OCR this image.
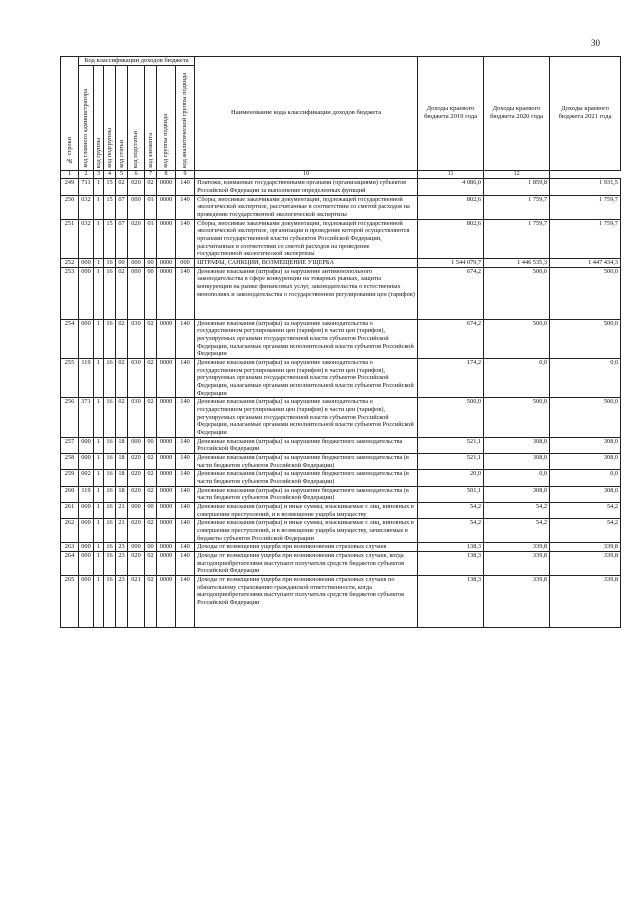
30
№ строки	Код классификации доходов бюджета								Наименование кода классификации доходов бюджета	Доходы краевого бюджета 2019 года	Доходы краевого бюджета 2020 года	Доходы краевого бюджета 2021 года

	код главного администратора	код группы	код подгруппы	код статьи	код подстатьи	код элемента	код группы подвида	код аналитической группы подвида				

1	2	3	4	5	6	7	8	9	10	11	12	
249	711	1	15	02	020	02	0000	140	Платежи, взимаемые государственными органами (организациями) субъектов Российской Федерации за выполнение определенных функций	4 086,0	1 859,8	1 931,5
250	032	1	15	07	000	01	0000	140	Сборы, вносимые заказчиками документации, подлежащей государственной экологической экспертизе, рассчитанные в соответствии со сметой расходов на проведение государственной экологической экспертизы	802,6	1 759,7	1 759,7
251	032	1	15	07	020	01	0000	140	Сборы, вносимые заказчиками документации, подлежащей государственной экологической экспертизе, организация и проведение которой осуществляются органами государственной власти субъектов Российской Федерации, рассчитанные в соответствии со сметой расходов на проведение государственной экологической экспертизы	802,6	1 759,7	1 759,7
252	000	1	16	00	000	00	0000	000	ШТРАФЫ, САНКЦИИ, ВОЗМЕЩЕНИЕ УЩЕРБА	1 544 079,7	1 446 535,3	1 447 434,3
253	000	1	16	02	000	00	0000	140	Денежные взыскания (штрафы) за нарушение антимонопольного законодательства в сфере конкуренции на товарных рынках, защиты конкуренции на рынке финансовых услуг, законодательства о естественных монополиях и законодательства о государственном регулировании цен (тарифов)	674,2	500,0	500,0
254	000	1	16	02	030	02	0000	140	Денежные взыскания (штрафы) за нарушение законодательства о государственном регулировании цен (тарифов) в части цен (тарифов), регулируемых органами государственной власти субъектов Российской Федерации, налагаемые органами исполнительной власти субъектов Российской Федерации	674,2	500,0	500,0
255	119	1	16	02	030	02	0000	140	Денежные взыскания (штрафы) за нарушение законодательства о государственном регулировании цен (тарифов) в части цен (тарифов), регулируемых органами государственной власти субъектов Российской Федерации, налагаемые органами исполнительной власти субъектов Российской Федерации	174,2	0,0	0,0
256	371	1	16	02	030	02	0000	140	Денежные взыскания (штрафы) за нарушение законодательства о государственном регулировании цен (тарифов) в части цен (тарифов), регулируемых органами государственной власти субъектов Российской Федерации, налагаемые органами исполнительной власти субъектов Российской Федерации	500,0	500,0	500,0
257	000	1	16	18	000	00	0000	140	Денежные взыскания (штрафы) за нарушение бюджетного законодательства Российской Федерации	521,1	308,0	308,0
258	000	1	16	18	020	02	0000	140	Денежные взыскания (штрафы) за нарушение бюджетного законодательства (в части бюджетов субъектов Российской Федерации)	521,1	308,0	308,0
259	002	1	16	18	020	02	0000	140	Денежные взыскания (штрафы) за нарушение бюджетного законодательства (в части бюджетов субъектов Российской Федерации)	20,0	0,0	0,0
260	119	1	16	18	020	02	0000	140	Денежные взыскания (штрафы) за нарушение бюджетного законодательства (в части бюджетов субъектов Российской Федерации)	501,1	308,0	308,0
261	000	1	16	21	000	00	0000	140	Денежные взыскания (штрафы) и иные суммы, взыскиваемые с лиц, виновных в совершении преступлений, и в возмещение ущерба имуществу	54,2	54,2	54,2
262	000	1	16	21	020	02	0000	140	Денежные взыскания (штрафы) и иные суммы, взыскиваемые с лиц, виновных в совершении преступлений, и в возмещение ущерба имуществу, зачисляемые в бюджеты субъектов Российской Федерации	54,2	54,2	54,2
263	000	1	16	23	000	00	0000	140	Доходы от возмещения ущерба при возникновении страховых случаев	138,3	339,8	339,8
264	000	1	16	23	020	02	0000	140	Доходы от возмещения ущерба при возникновении страховых случаев, когда выгодоприобретателями выступают получатели средств бюджетов субъектов Российской Федерации	138,3	339,8	339,8
265	000	1	16	23	021	02	0000	140	Доходы от возмещения ущерба при возникновении страховых случаев по обязательному страхованию гражданской ответственности, когда выгодоприобретателями выступают получатели средств бюджетов субъектов Российской Федерации	138,3	339,8	339,8
